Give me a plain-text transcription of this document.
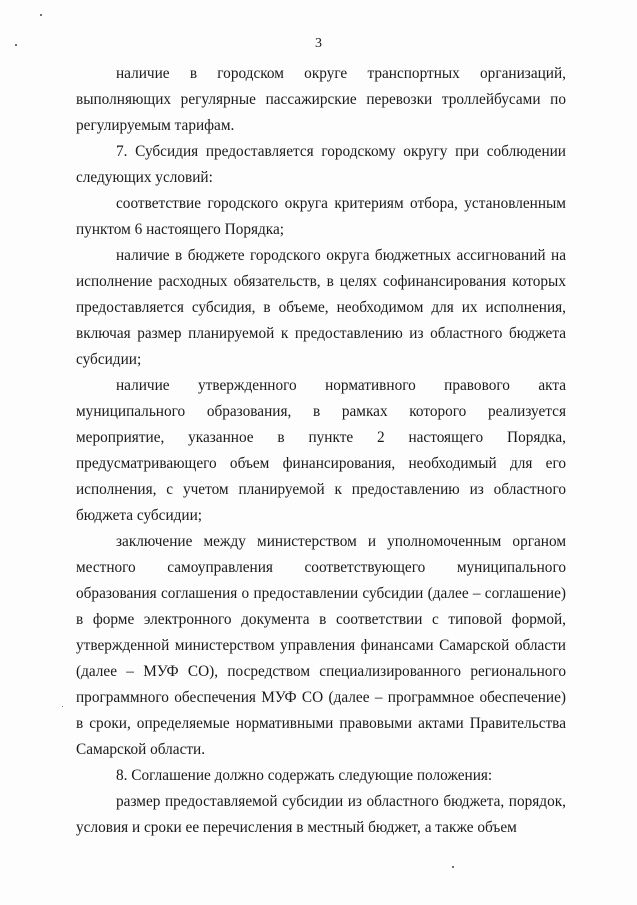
3

наличие в городском округе транспортных организаций, выполняющих регулярные пассажирские перевозки троллейбусами по регулируемым тарифам.

7. Субсидия предоставляется городскому округу при соблюдении следующих условий:

соответствие городского округа критериям отбора, установленным пунктом 6 настоящего Порядка;

наличие в бюджете городского округа бюджетных ассигнований на исполнение расходных обязательств, в целях софинансирования которых предоставляется субсидия, в объеме, необходимом для их исполнения, включая размер планируемой к предоставлению из областного бюджета субсидии;

наличие утвержденного нормативного правового акта муниципального образования, в рамках которого реализуется мероприятие, указанное в пункте 2 настоящего Порядка, предусматривающего объем финансирования, необходимый для его исполнения, с учетом планируемой к предоставлению из областного бюджета субсидии;

заключение между министерством и уполномоченным органом местного самоуправления соответствующего муниципального образования соглашения о предоставлении субсидии (далее – соглашение) в форме электронного документа в соответствии с типовой формой, утвержденной министерством управления финансами Самарской области (далее – МУФ СО), посредством специализированного регионального программного обеспечения МУФ СО (далее – программное обеспечение) в сроки, определяемые нормативными правовыми актами Правительства Самарской области.

8. Соглашение должно содержать следующие положения:

размер предоставляемой субсидии из областного бюджета, порядок, условия и сроки ее перечисления в местный бюджет, а также объем
